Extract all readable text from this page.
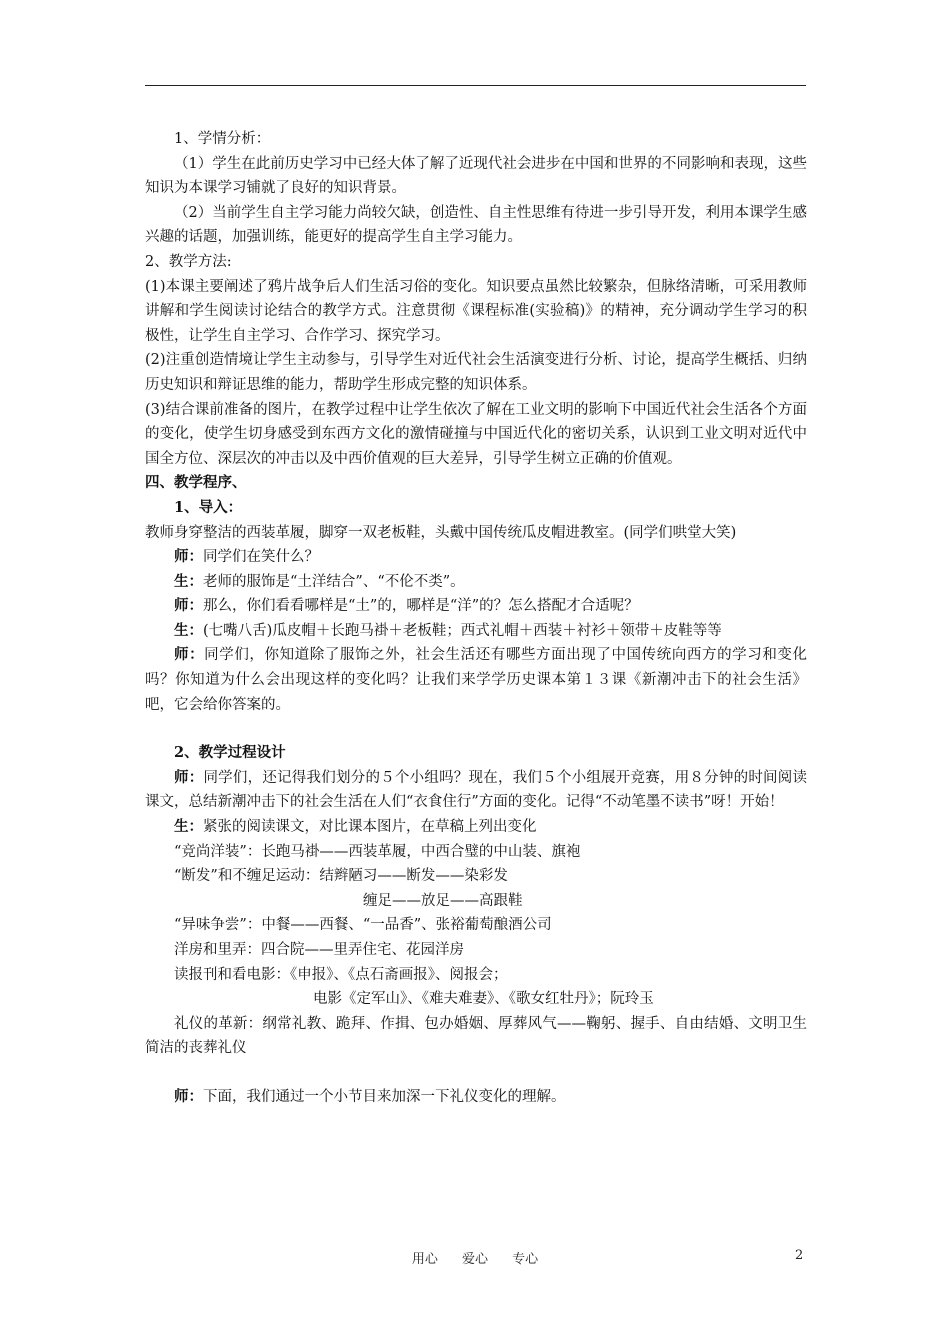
1、学情分析：

（1）学生在此前历史学习中已经大体了解了近现代社会进步在中国和世界的不同影响和表现，这些知识为本课学习铺就了良好的知识背景。

（2）当前学生自主学习能力尚较欠缺，创造性、自主性思维有待进一步引导开发，利用本课学生感兴趣的话题，加强训练，能更好的提高学生自主学习能力。

2、教学方法:

(1)本课主要阐述了鸦片战争后人们生活习俗的变化。知识要点虽然比较繁杂，但脉络清晰，可采用教师讲解和学生阅读讨论结合的教学方式。注意贯彻《课程标准(实验稿)》的精神，充分调动学生学习的积极性，让学生自主学习、合作学习、探究学习。

(2)注重创造情境让学生主动参与，引导学生对近代社会生活演变进行分析、讨论，提高学生概括、归纳历史知识和辩证思维的能力，帮助学生形成完整的知识体系。

(3)结合课前准备的图片，在教学过程中让学生依次了解在工业文明的影响下中国近代社会生活各个方面的变化，使学生切身感受到东西方文化的激情碰撞与中国近代化的密切关系，认识到工业文明对近代中国全方位、深层次的冲击以及中西价值观的巨大差异，引导学生树立正确的价值观。

四、教学程序、

1、导入：

教师身穿整洁的西装革履，脚穿一双老板鞋，头戴中国传统瓜皮帽进教室。(同学们哄堂大笑)

师：同学们在笑什么？

生：老师的服饰是“土洋结合”、“不伦不类”。

师：那么，你们看看哪样是“土”的，哪样是“洋”的？怎么搭配才合适呢？

生：(七嘴八舌)瓜皮帽＋长跑马褂＋老板鞋；西式礼帽＋西装＋衬衫＋领带＋皮鞋等等

师：同学们，你知道除了服饰之外，社会生活还有哪些方面出现了中国传统向西方的学习和变化吗？你知道为什么会出现这样的变化吗？让我们来学学历史课本第１３课《新潮冲击下的社会生活》吧，它会给你答案的。

2、教学过程设计

师：同学们，还记得我们划分的５个小组吗？现在，我们５个小组展开竞赛，用８分钟的时间阅读课文，总结新潮冲击下的社会生活在人们“衣食住行”方面的变化。记得“不动笔墨不读书”呀！开始！

生：紧张的阅读课文，对比课本图片，在草稿上列出变化

“竞尚洋装”：长跑马褂——西装革履，中西合璧的中山装、旗袍

“断发”和不缠足运动：结辫陋习——断发——染彩发

缠足——放足——高跟鞋

“异味争尝”：中餐——西餐、“一品香”、张裕葡萄酿酒公司

洋房和里弄：四合院——里弄住宅、花园洋房

读报刊和看电影：《申报》、《点石斋画报》、阅报会；

电影《定军山》、《难夫难妻》、《歌女红牡丹》；阮玲玉

礼仪的革新：纲常礼教、跪拜、作揖、包办婚姻、厚葬风气——鞠躬、握手、自由结婚、文明卫生简洁的丧葬礼仪

师：下面，我们通过一个小节目来加深一下礼仪变化的理解。

用心 爱心 专心	2
